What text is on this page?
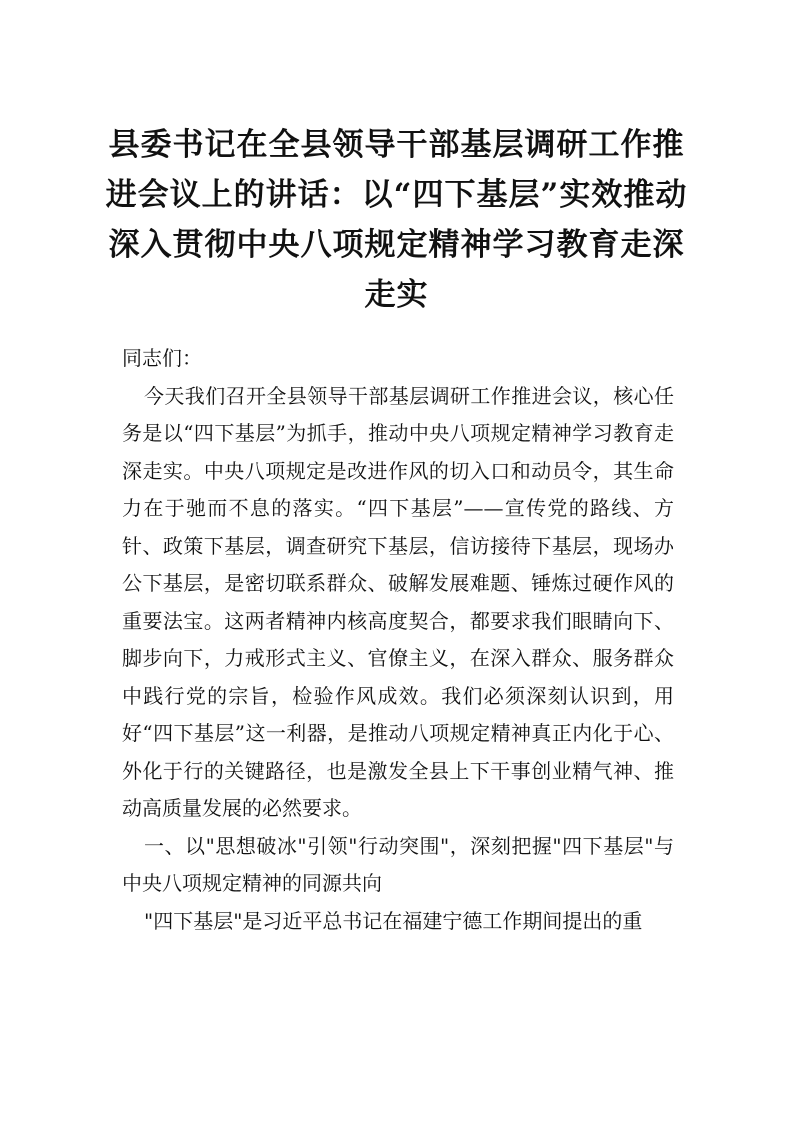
县委书记在全县领导干部基层调研工作推进会议上的讲话：以“四下基层”实效推动深入贯彻中央八项规定精神学习教育走深走实

同志们：

今天我们召开全县领导干部基层调研工作推进会议，核心任务是以“四下基层”为抓手，推动中央八项规定精神学习教育走深走实。中央八项规定是改进作风的切入口和动员令，其生命力在于驰而不息的落实。“四下基层”——宣传党的路线、方针、政策下基层，调查研究下基层，信访接待下基层，现场办公下基层，是密切联系群众、破解发展难题、锤炼过硬作风的重要法宝。这两者精神内核高度契合，都要求我们眼睛向下、脚步向下，力戒形式主义、官僚主义，在深入群众、服务群众中践行党的宗旨，检验作风成效。我们必须深刻认识到，用好“四下基层”这一利器，是推动八项规定精神真正内化于心、外化于行的关键路径，也是激发全县上下干事创业精气神、推动高质量发展的必然要求。

一、以"思想破冰"引领"行动突围"，深刻把握"四下基层"与中央八项规定精神的同源共向

"四下基层"是习近平总书记在福建宁德工作期间提出的重
